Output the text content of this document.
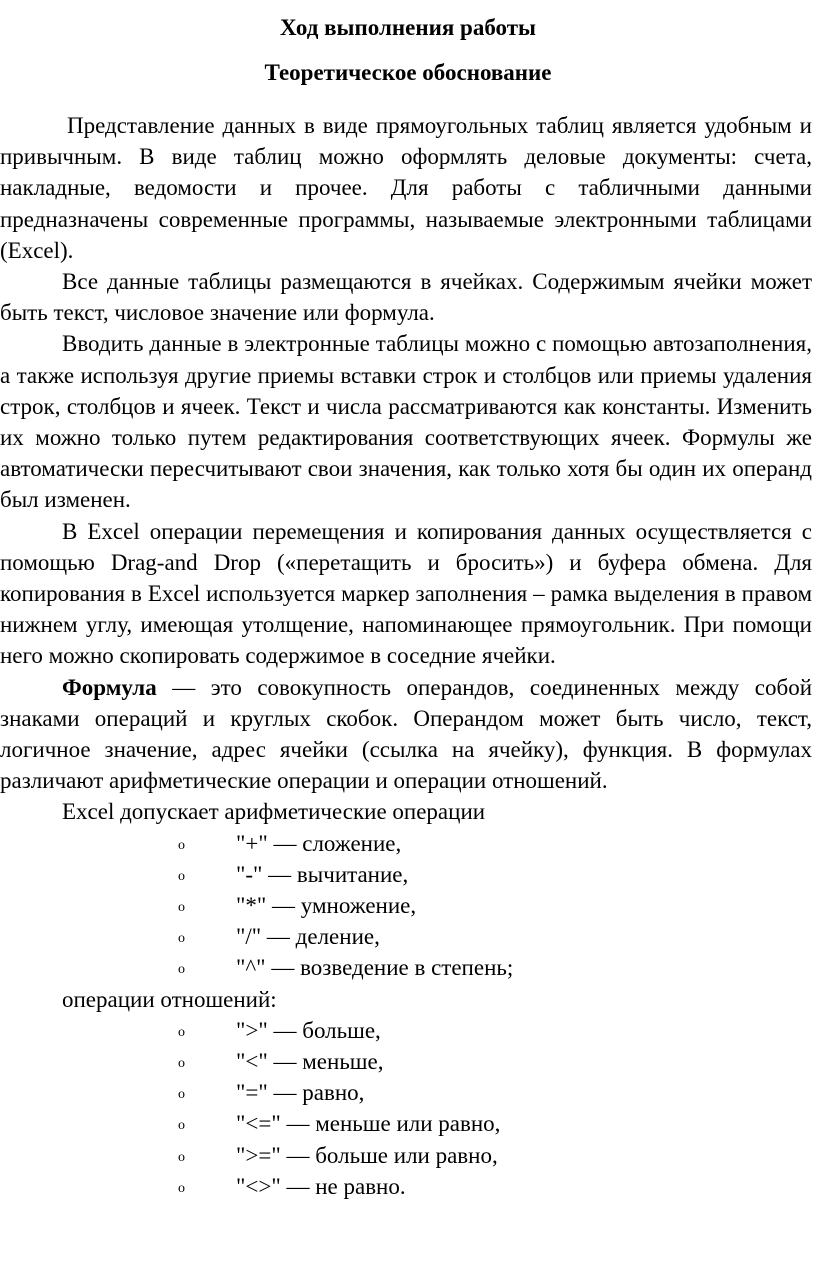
Ход выполнения работы
Теоретическое обоснование

Представление данных в виде прямоугольных таблиц является удобным и привычным. В виде таблиц можно оформлять деловые документы: счета, накладные, ведомости и прочее. Для работы с табличными данными предназначены современные программы, называемые электронными таблицами (Excel).

Все данные таблицы размещаются в ячейках. Содержимым ячейки может быть текст, числовое значение или формула.

Вводить данные в электронные таблицы можно с помощью автозаполнения, а также используя другие приемы вставки строк и столбцов или приемы удаления строк, столбцов и ячеек. Текст и числа рассматриваются как константы. Изменить их можно только путем редактирования соответствующих ячеек. Формулы же автоматически пересчитывают свои значения, как только хотя бы один их операнд был изменен.

В Excel операции перемещения и копирования данных осуществляется с помощью Drag-and Drop («перетащить и бросить») и буфера обмена. Для копирования в Excel используется маркер заполнения – рамка выделения в правом нижнем углу, имеющая утолщение, напоминающее прямоугольник. При помощи него можно скопировать содержимое в соседние ячейки.

Формула — это совокупность операндов, соединенных между собой знаками операций и круглых скобок. Операндом может быть число, текст, логичное значение, адрес ячейки (ссылка на ячейку), функция. В формулах различают арифметические операции и операции отношений.

Excel допускает арифметические операции

o "+" — сложение,
o "-" — вычитание,
o "*" — умножение,
o "/" — деление,
o "^" — возведение в степень;

операции отношений:

o ">" — больше,
o "<" — меньше,
o "=" — равно,
o "<=" — меньше или равно,
o ">=" — больше или равно,
o "<>" — не равно.
